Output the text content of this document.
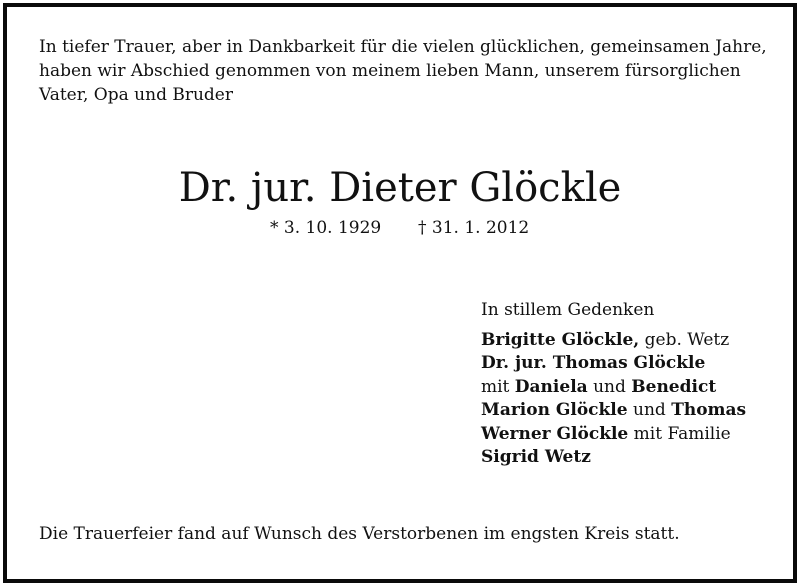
In tiefer Trauer, aber in Dankbarkeit für die vielen glücklichen, gemeinsamen Jahre,
haben wir Abschied genommen von meinem lieben Mann, unserem fürsorglichen
Vater, Opa und Bruder
Dr. jur. Dieter Glöckle
* 3. 10. 1929 † 31. 1. 2012
In stillem Gedenken
Brigitte Glöckle, geb. Wetz
Dr. jur. Thomas Glöckle
mit Daniela und Benedict
Marion Glöckle und Thomas
Werner Glöckle mit Familie
Sigrid Wetz
Die Trauerfeier fand auf Wunsch des Verstorbenen im engsten Kreis statt.
